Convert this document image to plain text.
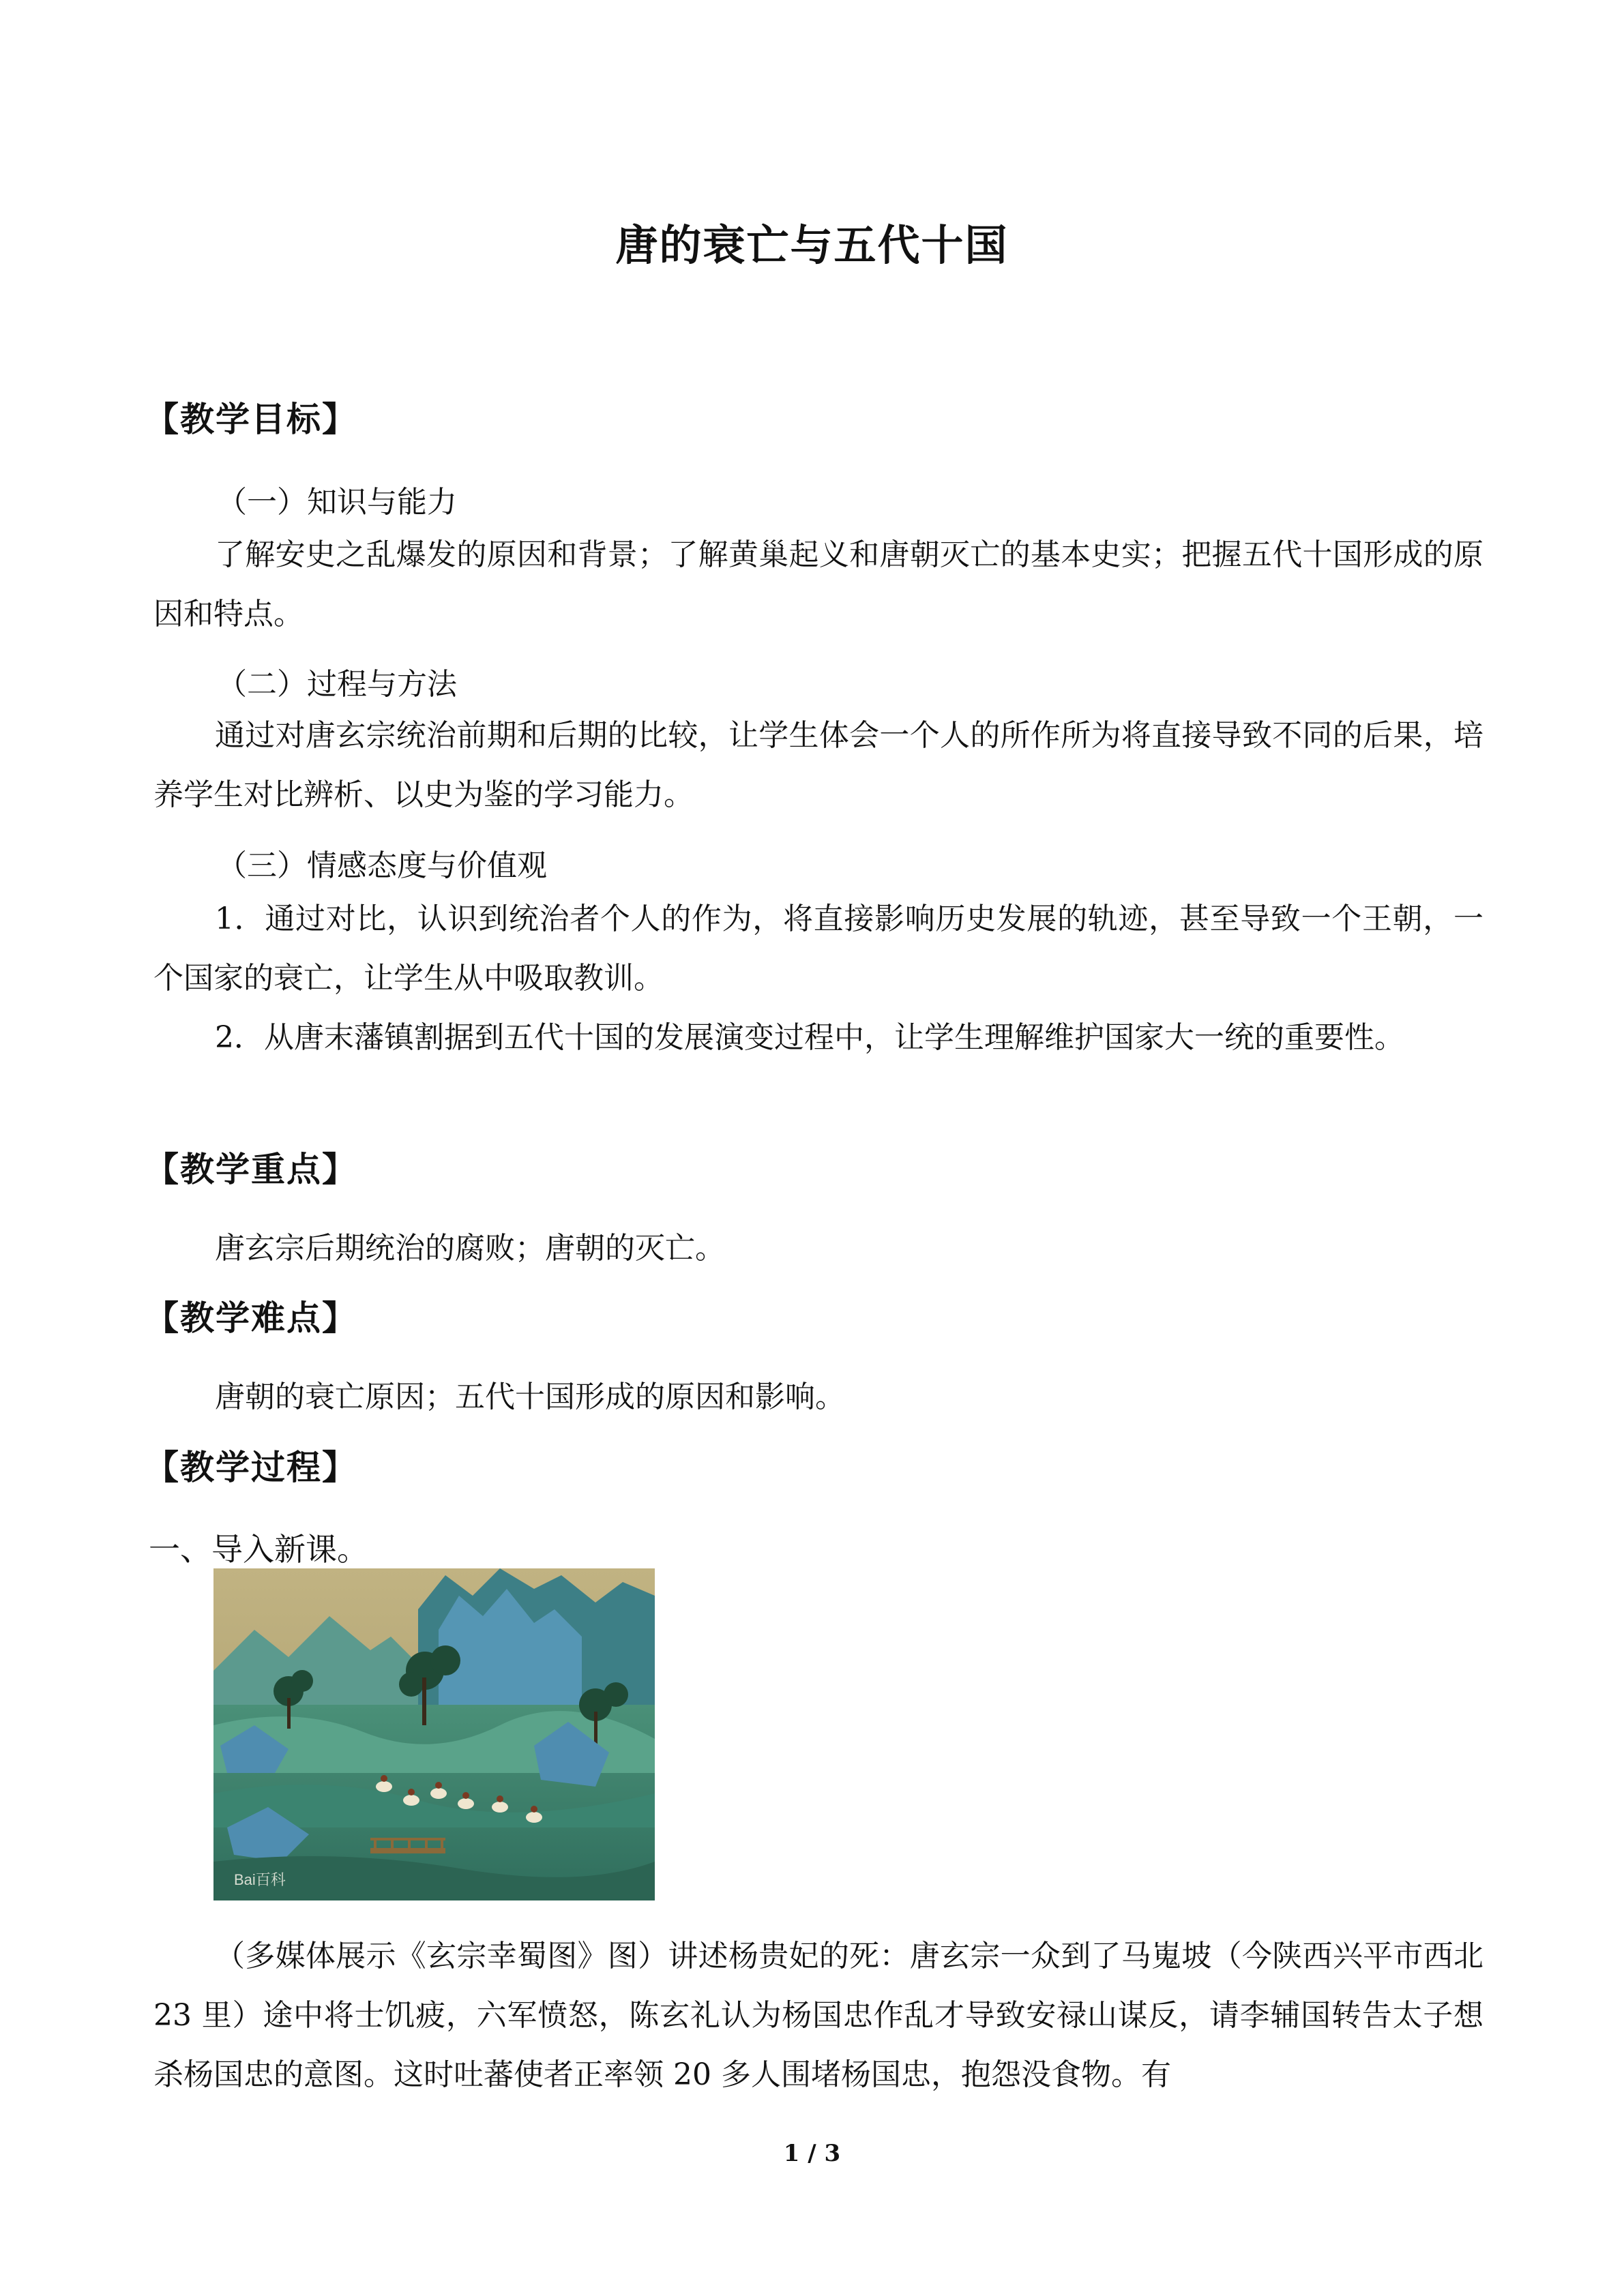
唐的衰亡与五代十国
【教学目标】
（一）知识与能力
了解安史之乱爆发的原因和背景；了解黄巢起义和唐朝灭亡的基本史实；把握五代十国形成的原因和特点。
（二）过程与方法
通过对唐玄宗统治前期和后期的比较，让学生体会一个人的所作所为将直接导致不同的后果，培养学生对比辨析、以史为鉴的学习能力。
（三）情感态度与价值观
1．通过对比，认识到统治者个人的作为，将直接影响历史发展的轨迹，甚至导致一个王朝，一个国家的衰亡，让学生从中吸取教训。
2．从唐末藩镇割据到五代十国的发展演变过程中，让学生理解维护国家大一统的重要性。
【教学重点】
唐玄宗后期统治的腐败；唐朝的灭亡。
【教学难点】
唐朝的衰亡原因；五代十国形成的原因和影响。
【教学过程】
一、导入新课。
Bai百科
（多媒体展示《玄宗幸蜀图》图）讲述杨贵妃的死：唐玄宗一众到了马嵬坡（今陕西兴平市西北 23 里）途中将士饥疲，六军愤怒，陈玄礼认为杨国忠作乱才导致安禄山谋反，请李辅国转告太子想杀杨国忠的意图。这时吐蕃使者正率领 20 多人围堵杨国忠，抱怨没食物。有
1 / 3
